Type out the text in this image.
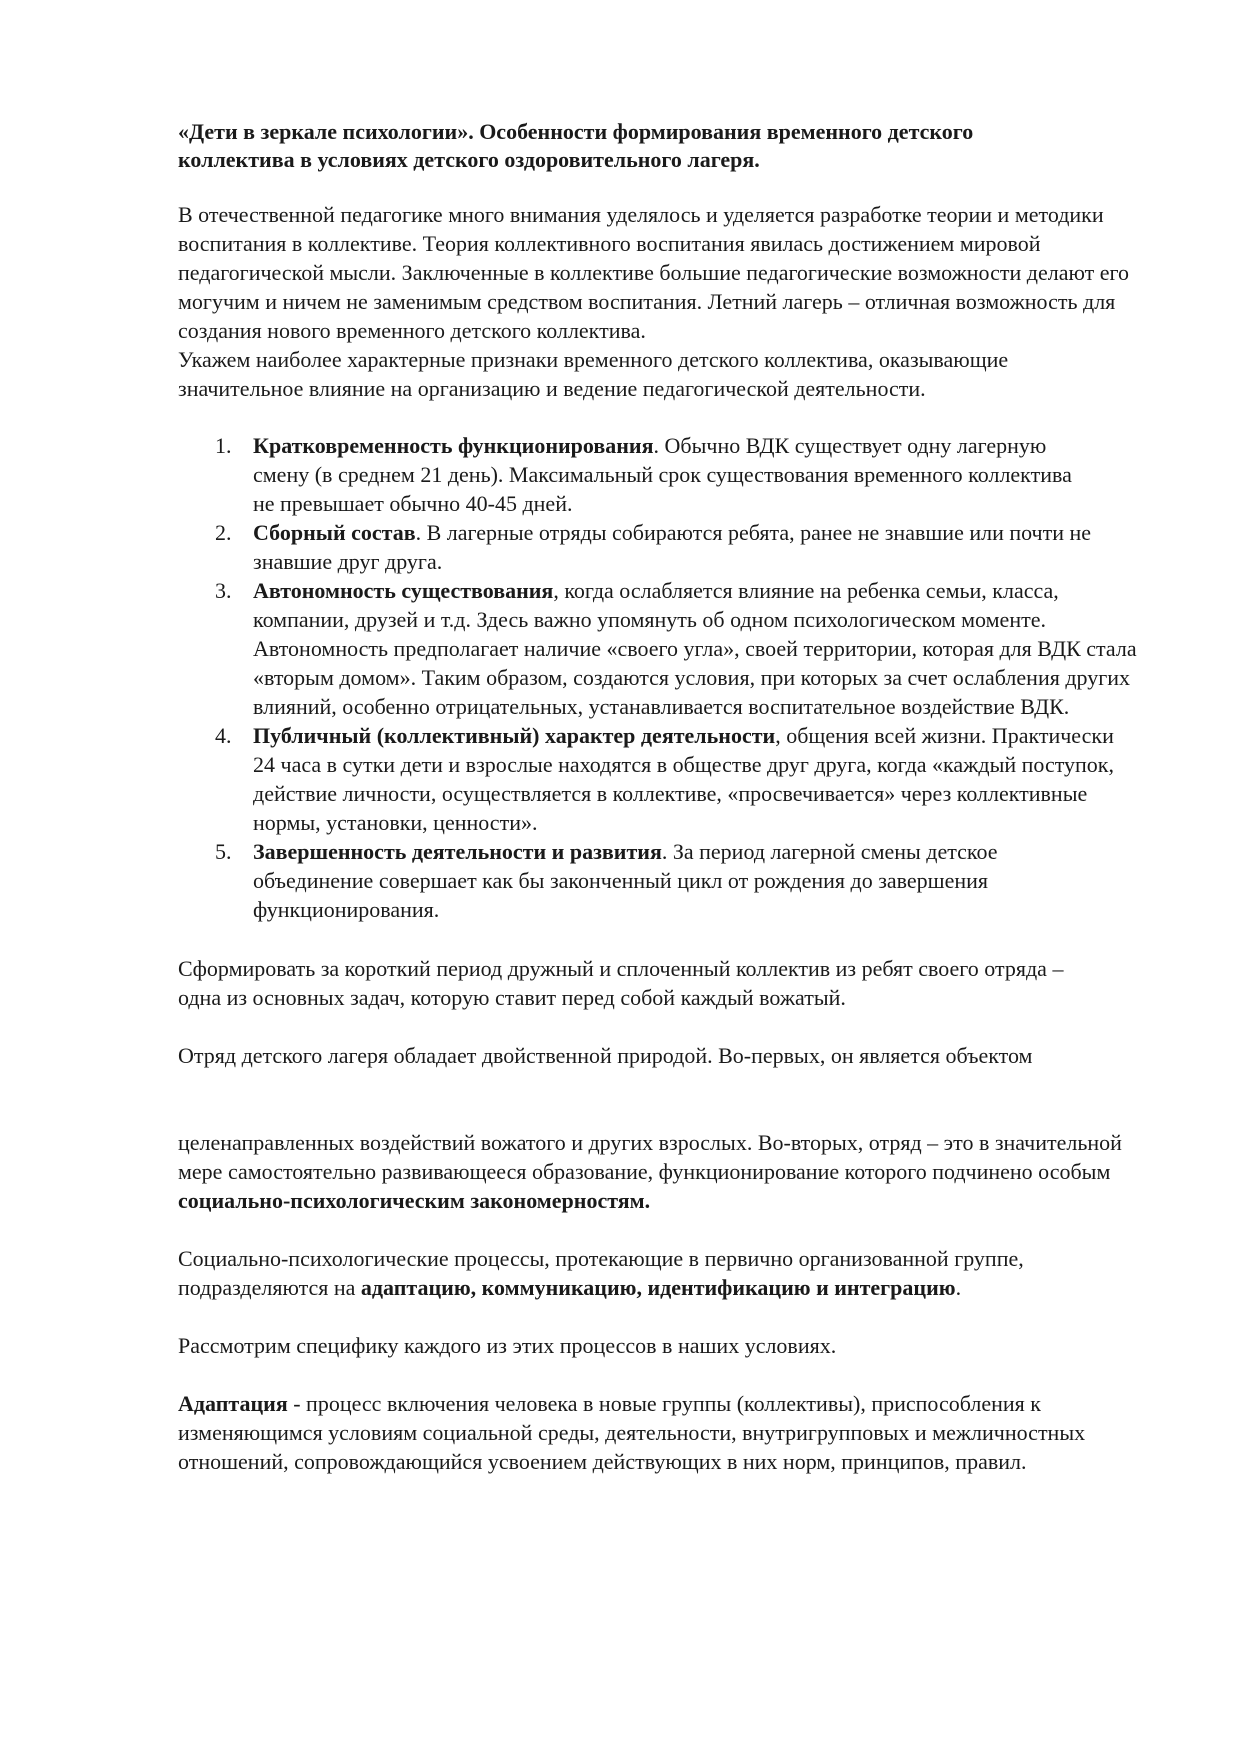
«Дети в зеркале психологии». Особенности формирования временного детского
коллектива в условиях детского оздоровительного лагеря.

В отечественной педагогике много внимания уделялось и уделяется разработке теории и методики воспитания в коллективе. Теория коллективного воспитания явилась достижением мировой педагогической мысли. Заключенные в коллективе большие педагогические возможности делают его могучим и ничем не заменимым средством воспитания. Летний лагерь – отличная возможность для создания нового временного детского коллектива.

Укажем наиболее характерные признаки временного детского коллектива, оказывающие значительное влияние на организацию и ведение педагогической деятельности.

1. Кратковременность функционирования. Обычно ВДК существует одну лагерную смену (в среднем 21 день). Максимальный срок существования временного коллектива не превышает обычно 40-45 дней.
2. Сборный состав. В лагерные отряды собираются ребята, ранее не знавшие или почти не знавшие друг друга.
3. Автономность существования, когда ослабляется влияние на ребенка семьи, класса, компании, друзей и т.д. Здесь важно упомянуть об одном психологическом моменте. Автономность предполагает наличие «своего угла», своей территории, которая для ВДК стала «вторым домом». Таким образом, создаются условия, при которых за счет ослабления других влияний, особенно отрицательных, устанавливается воспитательное воздействие ВДК.
4. Публичный (коллективный) характер деятельности, общения всей жизни. Практически 24 часа в сутки дети и взрослые находятся в обществе друг друга, когда «каждый поступок, действие личности, осуществляется в коллективе, «просвечивается» через коллективные нормы, установки, ценности».
5. Завершенность деятельности и развития. За период лагерной смены детское объединение совершает как бы законченный цикл от рождения до завершения функционирования.

Сформировать за короткий период дружный и сплоченный коллектив из ребят своего отряда – одна из основных задач, которую ставит перед собой каждый вожатый.

Отряд детского лагеря обладает двойственной природой. Во-первых, он является объектом

целенаправленных воздействий вожатого и других взрослых. Во-вторых, отряд – это в значительной мере самостоятельно развивающееся образование, функционирование которого подчинено особым социально-психологическим закономерностям.

Социально-психологические процессы, протекающие в первично организованной группе, подразделяются на адаптацию, коммуникацию, идентификацию и интеграцию.

Рассмотрим специфику каждого из этих процессов в наших условиях.

Адаптация - процесс включения человека в новые группы (коллективы), приспособления к изменяющимся условиям социальной среды, деятельности, внутригрупповых и межличностных отношений, сопровождающийся усвоением действующих в них норм, принципов, правил.
